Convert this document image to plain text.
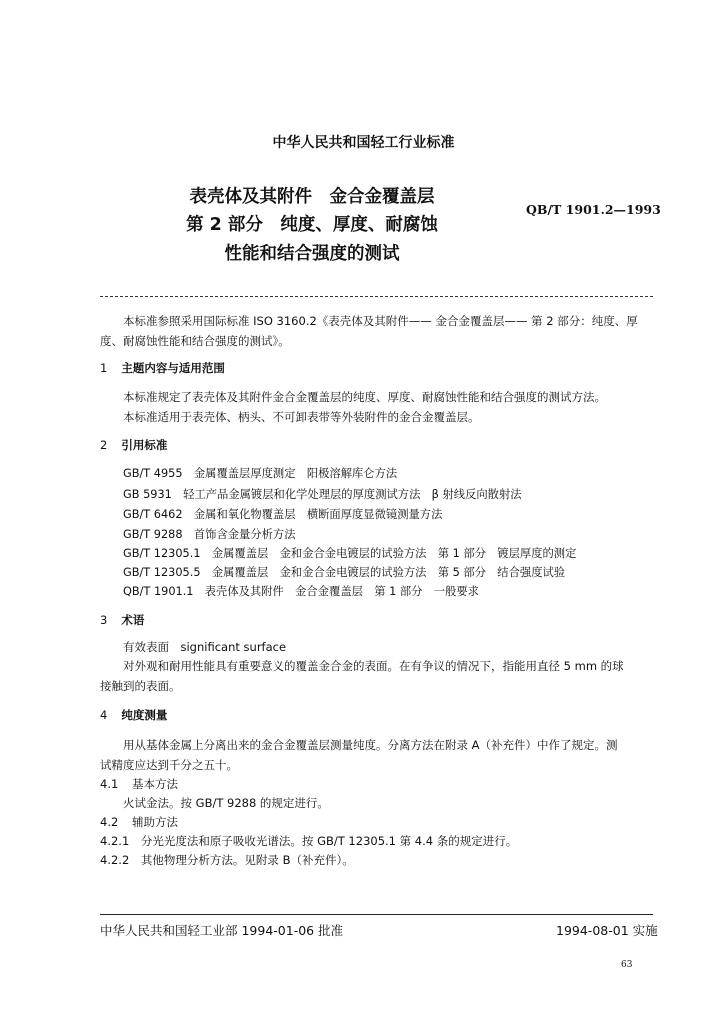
中华人民共和国轻工行业标准
表壳体及其附件　金合金覆盖层
第 2 部分　纯度、厚度、耐腐蚀
性能和结合强度的测试
QB/T 1901.2—1993
本标准参照采用国际标准 ISO 3160.2《表壳体及其附件—— 金合金覆盖层—— 第 2 部分：纯度、厚
度、耐腐蚀性能和结合强度的测试》。
1 主题内容与适用范围
本标准规定了表壳体及其附件金合金覆盖层的纯度、厚度、耐腐蚀性能和结合强度的测试方法。
本标准适用于表壳体、柄头、不可卸表带等外装附件的金合金覆盖层。
2 引用标准
GB/T 4955　金属覆盖层厚度测定　阳极溶解库仑方法
GB 5931　轻工产品金属镀层和化学处理层的厚度测试方法　β 射线反向散射法
GB/T 6462　金属和氧化物覆盖层　横断面厚度显微镜测量方法
GB/T 9288　首饰含金量分析方法
GB/T 12305.1　金属覆盖层　金和金合金电镀层的试验方法　第 1 部分　镀层厚度的测定
GB/T 12305.5　金属覆盖层　金和金合金电镀层的试验方法　第 5 部分　结合强度试验
QB/T 1901.1　表壳体及其附件　金合金覆盖层　第 1 部分　一般要求
3 术语
有效表面　significant surface
对外观和耐用性能具有重要意义的覆盖金合金的表面。在有争议的情况下，指能用直径 5 mm 的球
接触到的表面。
4 纯度测量
用从基体金属上分离出来的金合金覆盖层测量纯度。分离方法在附录 A（补充件）中作了规定。测
试精度应达到千分之五十。
4.1 基本方法
火试金法。按 GB/T 9288 的规定进行。
4.2 辅助方法
4.2.1 分光光度法和原子吸收光谱法。按 GB/T 12305.1 第 4.4 条的规定进行。
4.2.2 其他物理分析方法。见附录 B（补充件）。
中华人民共和国轻工业部 1994-01-06 批准	1994-08-01 实施
63
